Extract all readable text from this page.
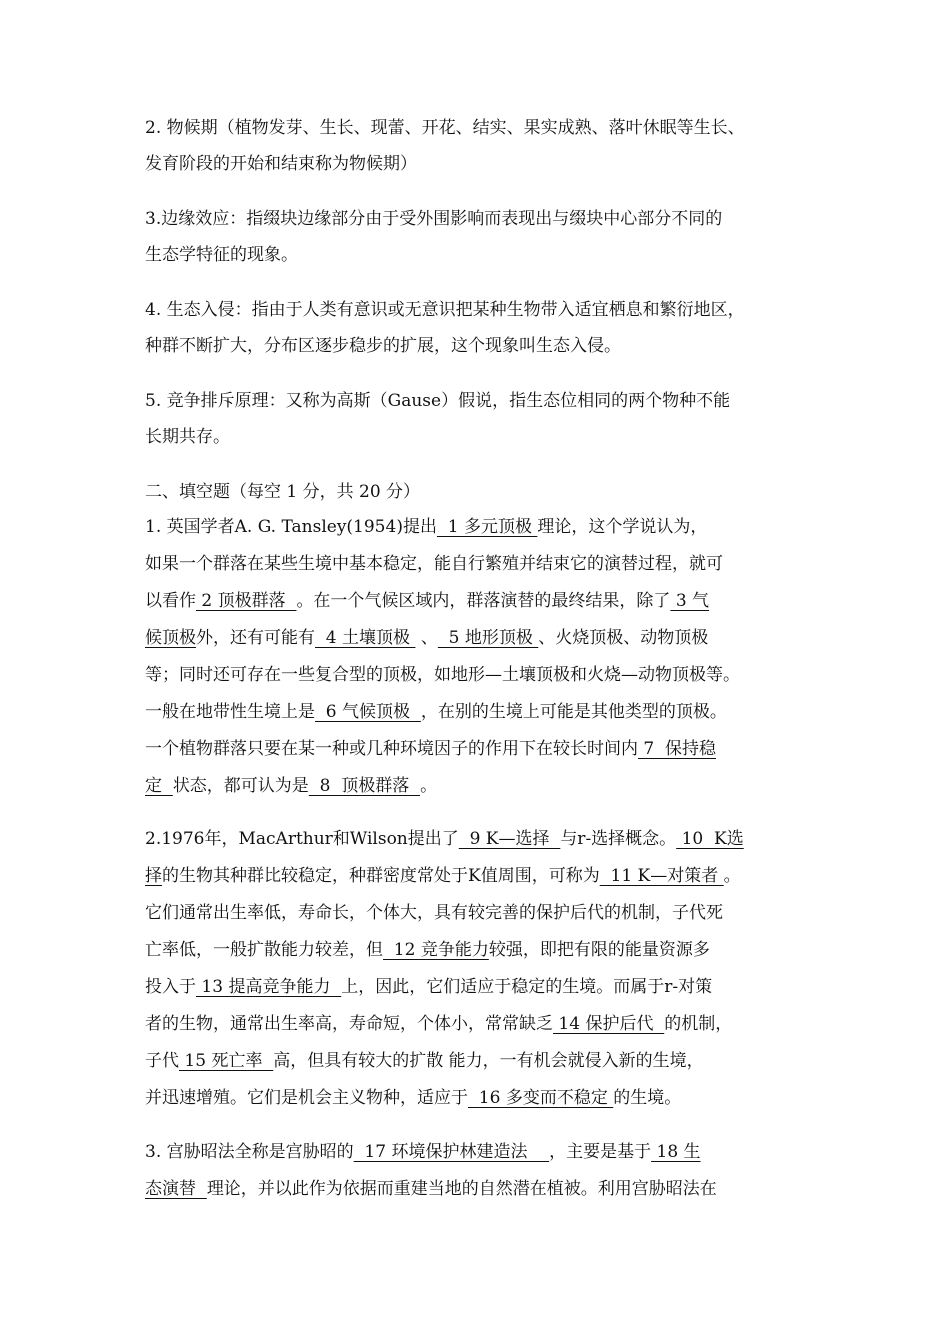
2. 物候期（植物发芽、生长、现蕾、开花、结实、果实成熟、落叶休眠等生长、
发育阶段的开始和结束称为物候期）
3.边缘效应：指缀块边缘部分由于受外围影响而表现出与缀块中心部分不同的
生态学特征的现象。
4. 生态入侵：指由于人类有意识或无意识把某种生物带入适宜栖息和繁衍地区，
种群不断扩大，分布区逐步稳步的扩展，这个现象叫生态入侵。
5. 竞争排斥原理：又称为高斯（Gause）假说，指生态位相同的两个物种不能
长期共存。
二、填空题（每空 1 分，共 20 分）
1. 英国学者A. G. Tansley(1954)提出  1 多元顶极 理论，这个学说认为，
如果一个群落在某些生境中基本稳定，能自行繁殖并结束它的演替过程，就可
以看作 2 顶极群落  。在一个气候区域内，群落演替的最终结果，除了 3 气
候顶极外，还有可能有  4 土壤顶极  、  5 地形顶极 、火烧顶极、动物顶极
等；同时还可存在一些复合型的顶极，如地形—土壤顶极和火烧—动物顶极等。
一般在地带性生境上是  6 气候顶极  ，在别的生境上可能是其他类型的顶极。
一个植物群落只要在某一种或几种环境因子的作用下在较长时间内 7  保持稳
定  状态，都可认为是  8  顶极群落  。
2.1976年，MacArthur和Wilson提出了  9 K—选择  与r-选择概念。 10  K选
择的生物其种群比较稳定，种群密度常处于K值周围，可称为  11 K—对策者 。
它们通常出生率低，寿命长，个体大，具有较完善的保护后代的机制，子代死
亡率低，一般扩散能力较差，但  12 竞争能力较强，即把有限的能量资源多
投入于 13 提高竞争能力  上，因此，它们适应于稳定的生境。而属于r-对策
者的生物，通常出生率高，寿命短，个体小，常常缺乏 14 保护后代  的机制，
子代 15 死亡率  高，但具有较大的扩散 能力，一有机会就侵入新的生境，
并迅速增殖。它们是机会主义物种，适应于  16 多变而不稳定 的生境。
3. 宫胁昭法全称是宫胁昭的  17 环境保护林建造法    ，主要是基于 18 生
态演替  理论，并以此作为依据而重建当地的自然潜在植被。利用宫胁昭法在
